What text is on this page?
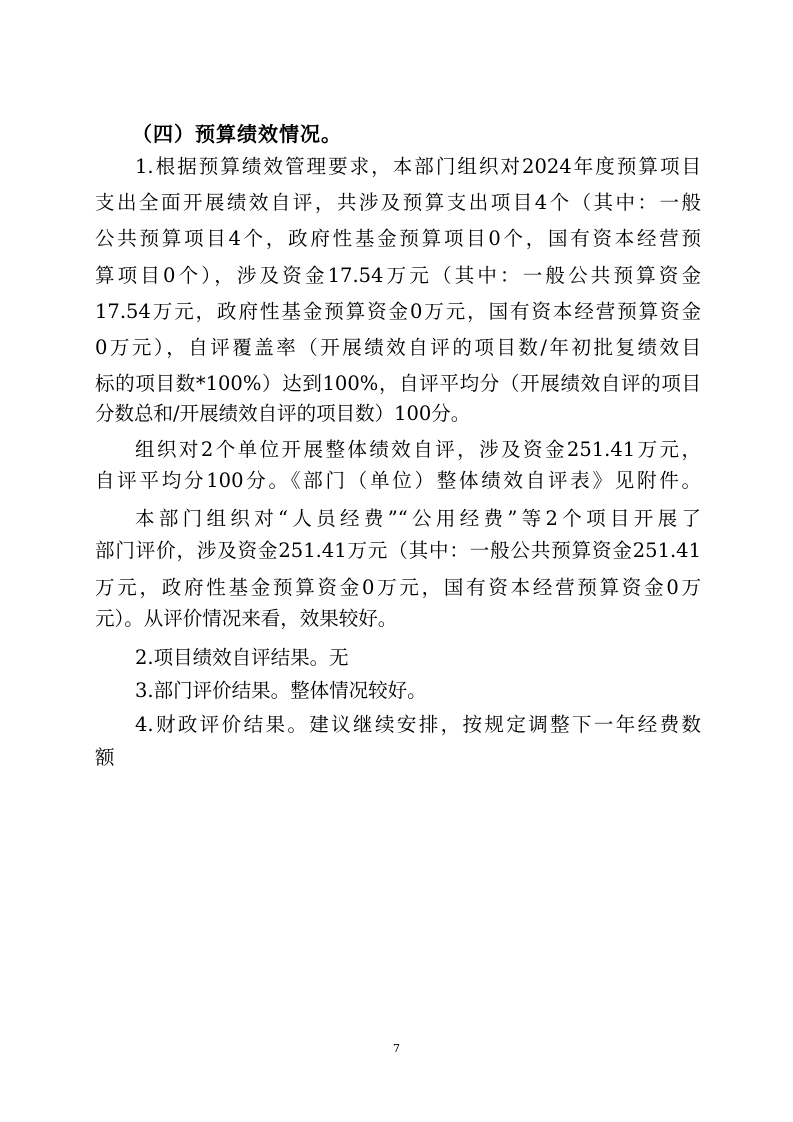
（四）预算绩效情况。
1.根据预算绩效管理要求，本部门组织对2024年度预算项目
支出全面开展绩效自评，共涉及预算支出项目4个（其中：一般
公共预算项目4个，政府性基金预算项目0个，国有资本经营预
算项目0个），涉及资金17.54万元（其中：一般公共预算资金
17.54万元，政府性基金预算资金0万元，国有资本经营预算资金
0万元），自评覆盖率（开展绩效自评的项目数/年初批复绩效目
标的项目数*100%）达到100%，自评平均分（开展绩效自评的项目
分数总和/开展绩效自评的项目数）100分。
组织对2个单位开展整体绩效自评，涉及资金251.41万元，
自评平均分100分。《部门（单位）整体绩效自评表》见附件。
本部门组织对“人员经费”“公用经费”等2个项目开展了
部门评价，涉及资金251.41万元（其中：一般公共预算资金251.41
万元，政府性基金预算资金0万元，国有资本经营预算资金0万
元）。从评价情况来看，效果较好。
2.项目绩效自评结果。无
3.部门评价结果。整体情况较好。
4.财政评价结果。建议继续安排，按规定调整下一年经费数
额
7
